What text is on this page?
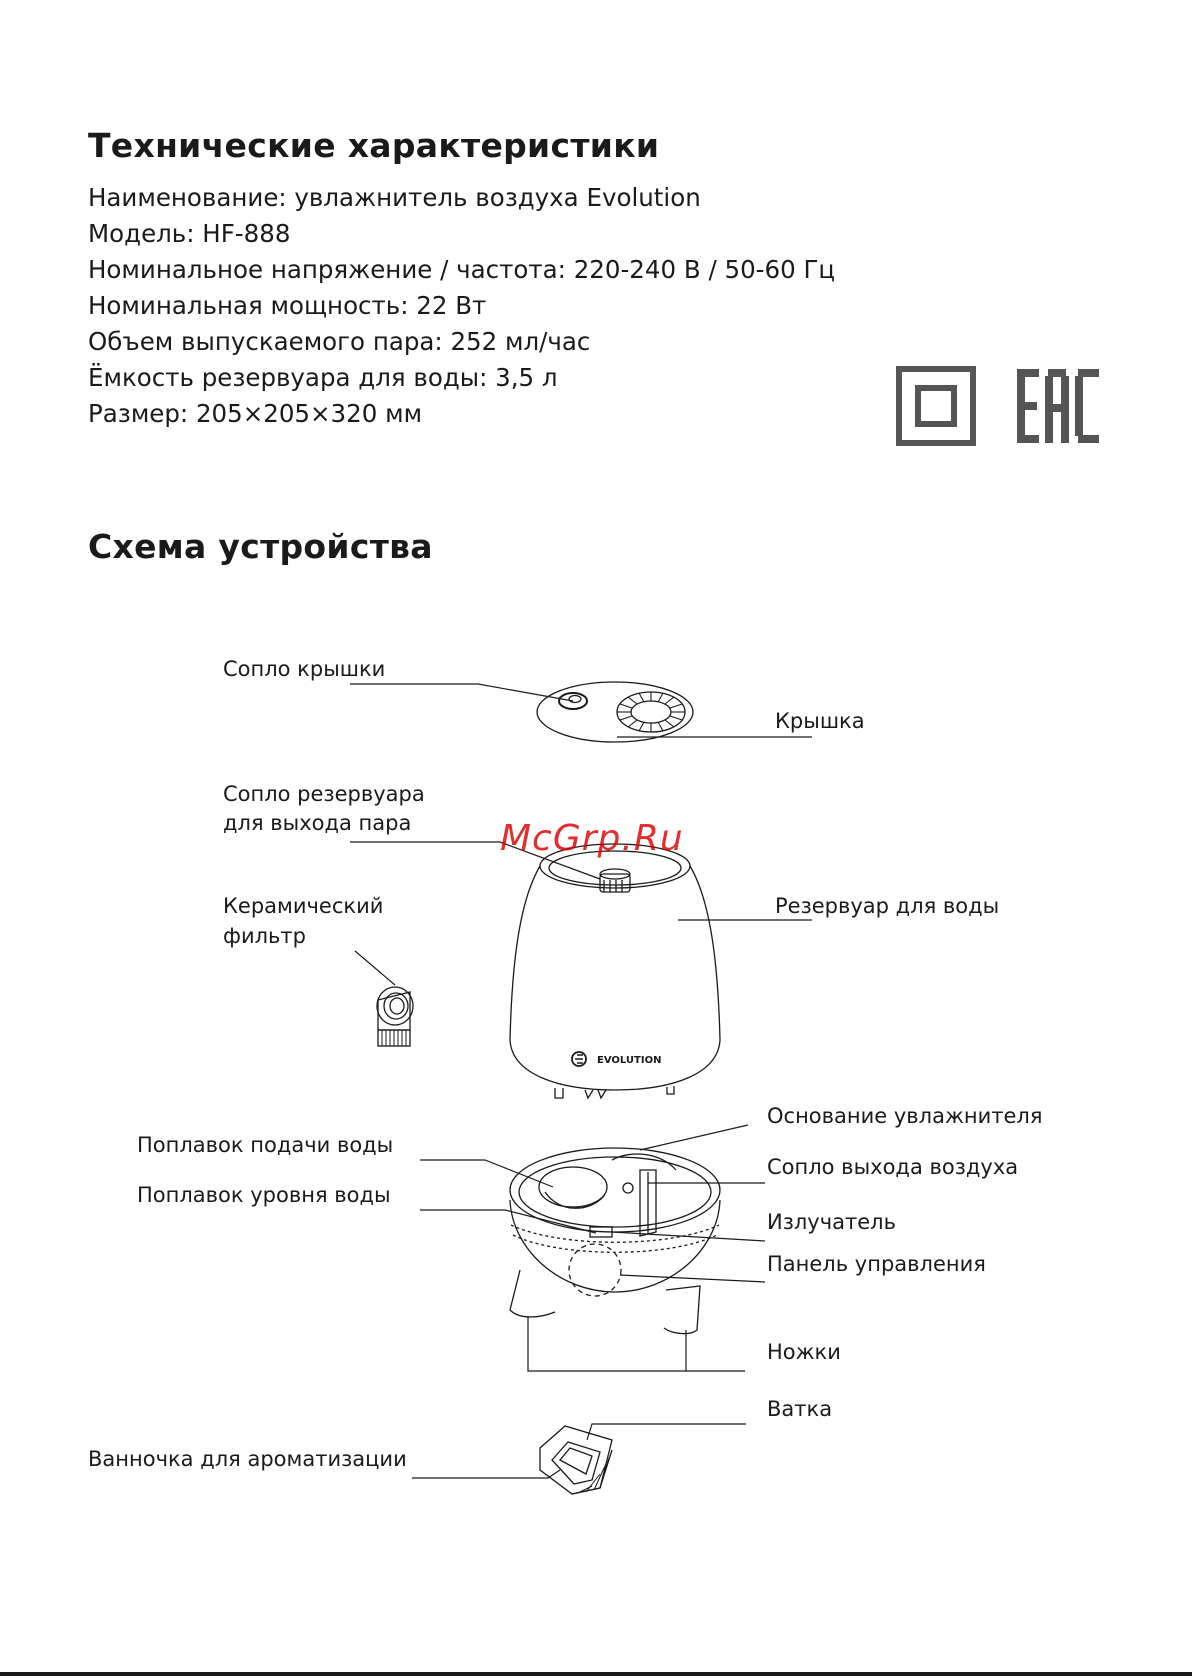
Технические характеристики
Наименование: увлажнитель воздуха Evolution
Модель: HF-888
Номинальное напряжение / частота: 220-240 В / 50-60 Гц
Номинальная мощность: 22 Вт
Объем выпускаемого пара: 252 мл/час
Ёмкость резервуара для воды: 3,5 л
Размер: 205×205×320 мм
Схема устройства
EVOLUTION
Сопло крышки
Крышка
Сопло резервуара
для выхода пара
Керамический
фильтр
Резервуар для воды
Основание увлажнителя
Поплавок подачи воды
Сопло выхода воздуха
Поплавок уровня воды
Излучатель
Панель управления
Ножки
Ватка
Ванночка для ароматизации
McGrp.Ru
